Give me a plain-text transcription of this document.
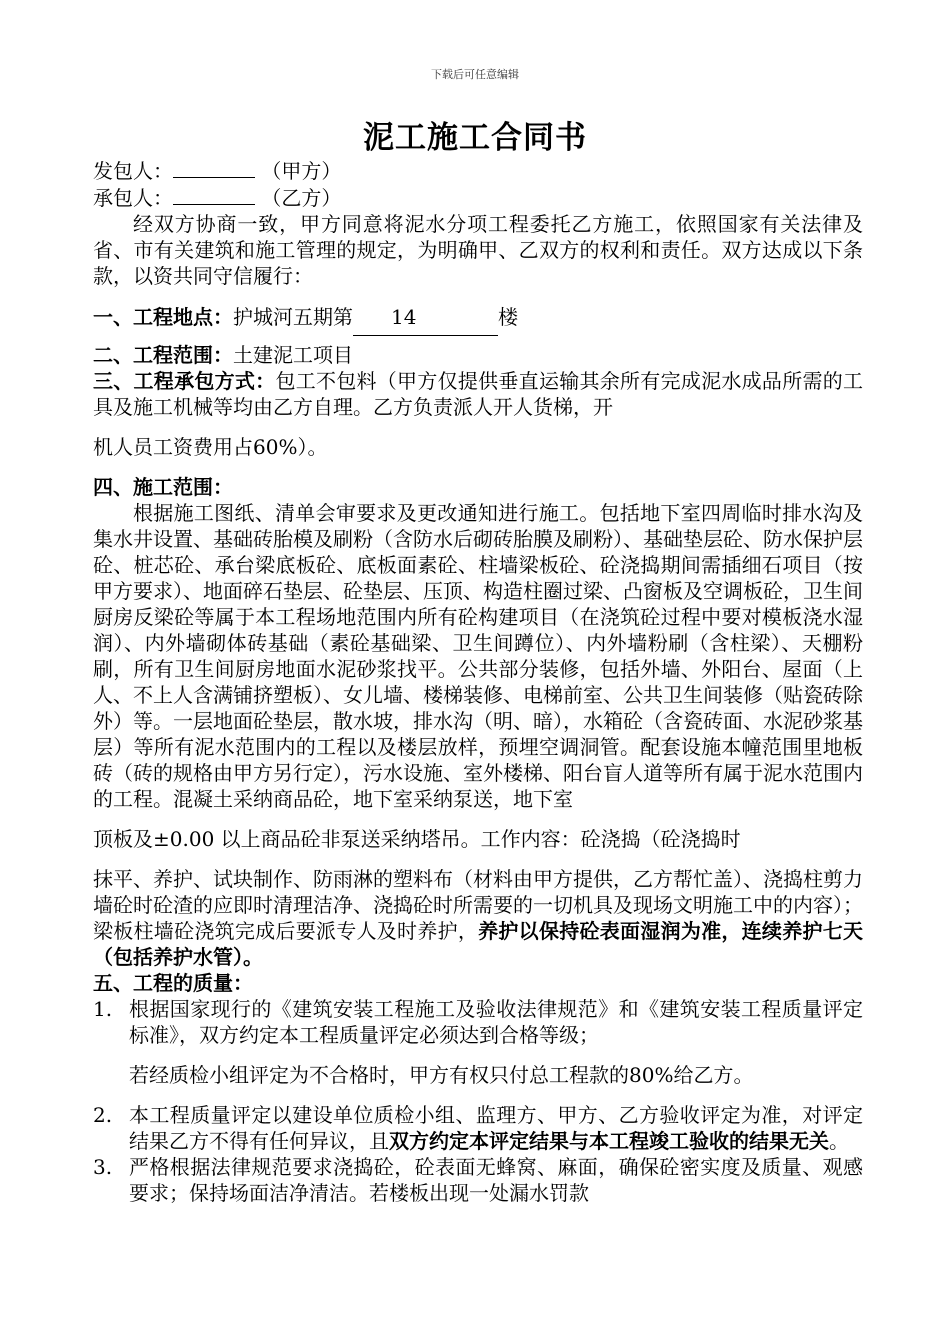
下载后可任意编辑
泥工施工合同书
发包人：	（甲方）
承包人：	（乙方）

经双方协商一致，甲方同意将泥水分项工程委托乙方施工，依照国家有关法律及省、市有关建筑和施工管理的规定，为明确甲、乙双方的权利和责任。双方达成以下条款，以资共同守信履行：

一、工程地点：护城河五期第 14	楼
二、工程范围：土建泥工项目

三、工程承包方式：包工不包料（甲方仅提供垂直运输其余所有完成泥水成品所需的工具及施工机械等均由乙方自理。乙方负责派人开人货梯，开

机人员工资费用占60%）。

四、施工范围：

根据施工图纸、清单会审要求及更改通知进行施工。包括地下室四周临时排水沟及集水井设置、基础砖胎模及刷粉（含防水后砌砖胎膜及刷粉）、基础垫层砼、防水保护层砼、桩芯砼、承台梁底板砼、底板面素砼、柱墙梁板砼、砼浇捣期间需插细石项目（按甲方要求）、地面碎石垫层、砼垫层、压顶、构造柱圈过梁、凸窗板及空调板砼，卫生间厨房反梁砼等属于本工程场地范围内所有砼构建项目（在浇筑砼过程中要对模板浇水湿润）、内外墙砌体砖基础（素砼基础梁、卫生间蹲位）、内外墙粉刷（含柱梁）、天棚粉刷，所有卫生间厨房地面水泥砂浆找平。公共部分装修，包括外墙、外阳台、屋面（上人、不上人含满铺挤塑板）、女儿墙、楼梯装修、电梯前室、公共卫生间装修（贴瓷砖除外）等。一层地面砼垫层，散水坡，排水沟（明、暗），水箱砼（含瓷砖面、水泥砂浆基层）等所有泥水范围内的工程以及楼层放样，预埋空调洞管。配套设施本幢范围里地板砖（砖的规格由甲方另行定），污水设施、室外楼梯、阳台盲人道等所有属于泥水范围内的工程。混凝土采纳商品砼，地下室采纳泵送，地下室

顶板及±0.00 以上商品砼非泵送采纳塔吊。工作内容：砼浇捣（砼浇捣时

抹平、养护、试块制作、防雨淋的塑料布（材料由甲方提供，乙方帮忙盖）、浇捣柱剪力墙砼时砼渣的应即时清理洁净、浇捣砼时所需要的一切机具及现场文明施工中的内容）；梁板柱墙砼浇筑完成后要派专人及时养护，养护以保持砼表面湿润为准，连续养护七天（包括养护水管）。

五、工程的质量：
1. 根据国家现行的《建筑安装工程施工及验收法律规范》和《建筑安装工程质量评定标准》，双方约定本工程质量评定必须达到合格等级；

若经质检小组评定为不合格时，甲方有权只付总工程款的80%给乙方。

2. 本工程质量评定以建设单位质检小组、监理方、甲方、乙方验收评定为准，对评定结果乙方不得有任何异议，且双方约定本评定结果与本工程竣工验收的结果无关。

3. 严格根据法律规范要求浇捣砼，砼表面无蜂窝、麻面，确保砼密实度及质量、观感要求；保持场面洁净清洁。若楼板出现一处漏水罚款
